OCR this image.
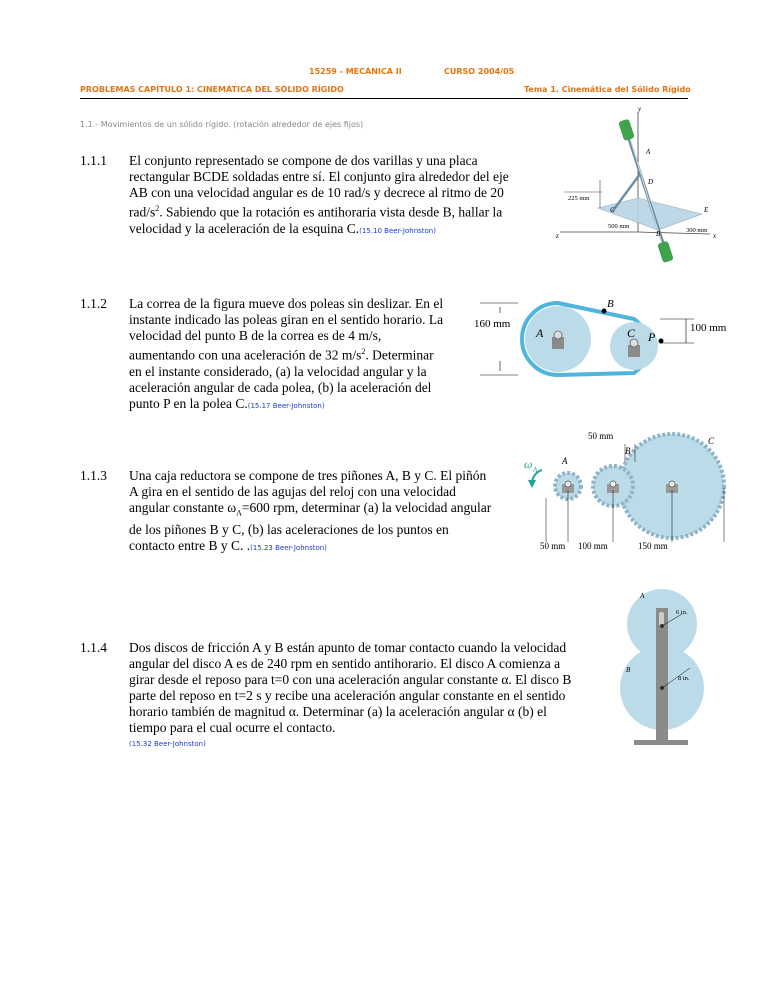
15259 - MECÁNICA II	CURSO 2004/05
PROBLEMAS CAPÍTULO 1: CINEMÁTICA DEL SÓLIDO RÍGIDO	Tema 1. Cinemática del Sólido Rígido
1.1.- Movimientos de un sólido rígido. (rotación alrededor de ejes fijos)
1.1.1 El conjunto representado se compone de dos varillas y una placa
rectangular BCDE soldadas entre sí. El conjunto gira alrededor del eje
AB con una velocidad angular es de 10 rad/s y decrece al ritmo de 20
rad/$s^2$. Sabiendo que la rotación es antihoraria vista desde B, hallar la
velocidad y la aceleración de la esquina C.(15.10 Beer-Johnston)
y
A
D
C	E
B
z	x
225 mm
500 mm
300 mm
1.1.2 La correa de la figura mueve dos poleas sin deslizar. En el
instante indicado las poleas giran en el sentido horario. La
velocidad del punto B de la correa es de 4 m/s,
aumentando con una aceleración de 32 $m/s^2$. Determinar
en el instante considerado, (a) la velocidad angular y la
aceleración angular de cada polea, (b) la aceleración del
punto P en la polea C.(15.17 Beer-Johnston)
B
A	C P
160 mm	100 mm
1.1.3 Una caja reductora se compone de tres piñones A, B y C. El piñón
A gira en el sentido de las agujas del reloj con una velocidad
angular constante $\omega_A=600$ rpm, determinar (a) la velocidad angular
de los piñones B y C, (b) las aceleraciones de los puntos en
contacto entre B y C. .(15.23 Beer-Johnston)
ω A
A
B
C
50 mm
50 mm 100 mm	150 mm
1.1.4 Dos discos de fricción A y B están apunto de tomar contacto cuando la velocidad
angular del disco A es de 240 rpm en sentido antihorario. El disco A comienza a
girar desde el reposo para t=0 con una aceleración angular constante α. El disco B
parte del reposo en t=2 s y recibe una aceleración angular constante en el sentido
horario también de magnitud α. Determinar (a) la aceleración angular α (b) el
tiempo para el cual ocurre el contacto.
(15.32 Beer-Johnston)
A
B
6 in.
8 in.
